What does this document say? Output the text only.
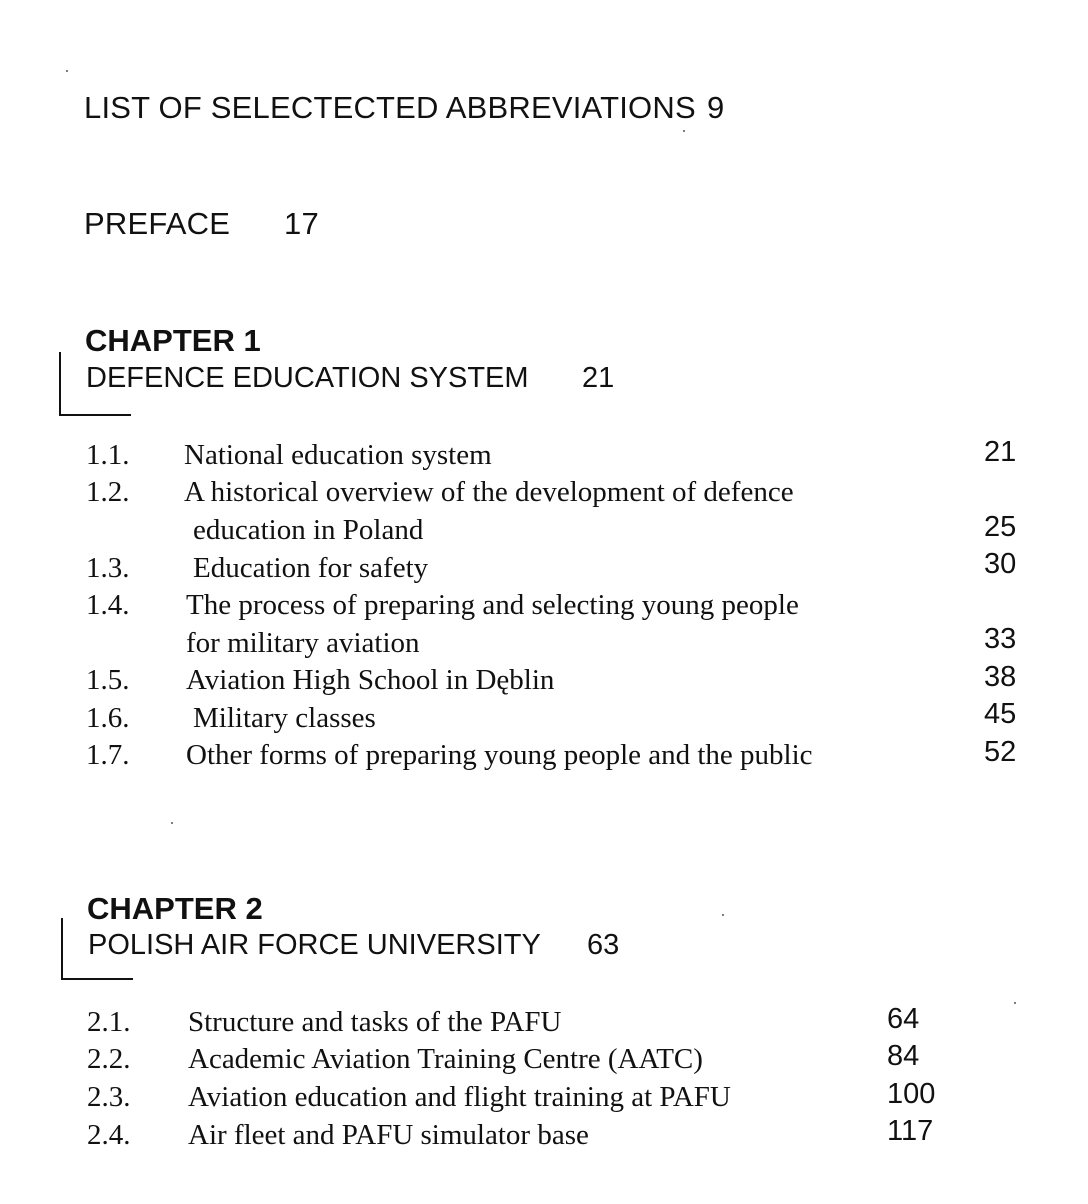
LIST OF SELECTECTED ABBREVIATIONS 9
PREFACE 17
CHAPTER 1
DEFENCE EDUCATION SYSTEM 21
1.1. National education system	21
1.2. A historical overview of the development of defence
education in Poland	25
1.3. Education for safety	30
1.4. The process of preparing and selecting young people
for military aviation	33
1.5. Aviation High School in Dęblin	38
1.6. Military classes	45
1.7. Other forms of preparing young people and the public	52
CHAPTER 2
POLISH AIR FORCE UNIVERSITY 63
2.1. Structure and tasks of the PAFU	64
2.2. Academic Aviation Training Centre (AATC)	84
2.3. Aviation education and flight training at PAFU	100
2.4. Air fleet and PAFU simulator base	117
